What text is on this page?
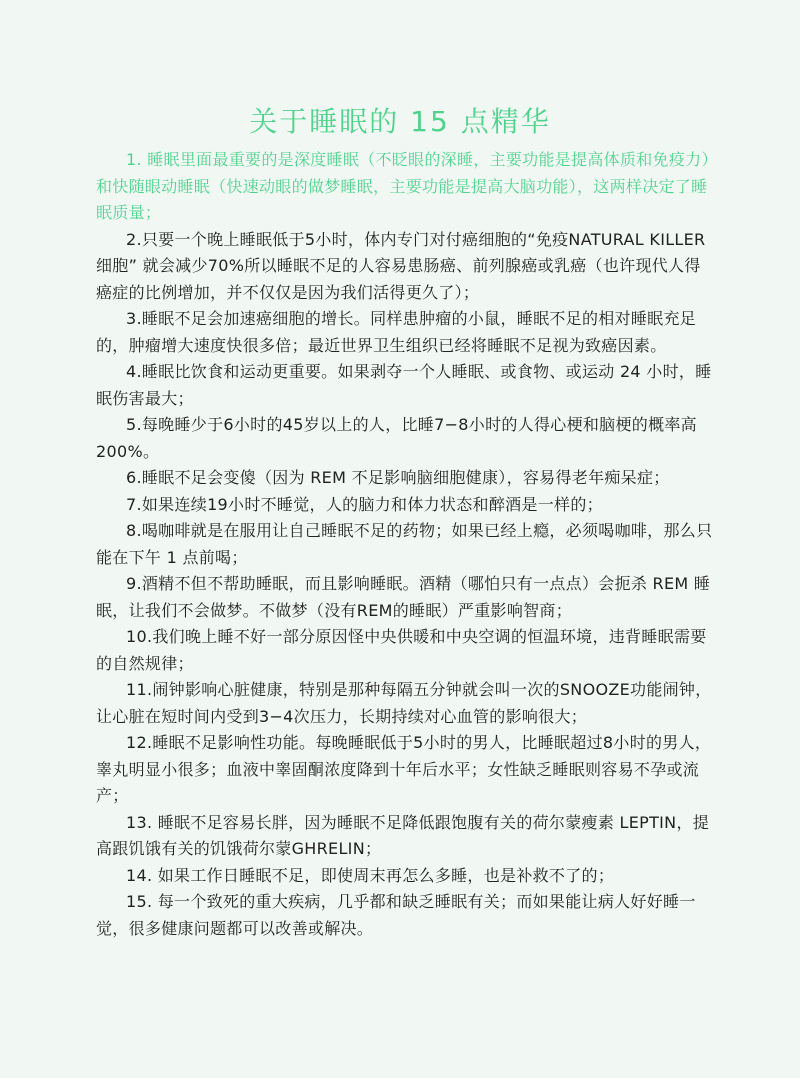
关于睡眠的 15 点精华

1. 睡眠里面最重要的是深度睡眠（不眨眼的深睡，主要功能是提高体质和免疫力）和快随眼动睡眠（快速动眼的做梦睡眠，主要功能是提高大脑功能），这两样决定了睡眠质量；

2.只要一个晚上睡眠低于5小时，体内专门对付癌细胞的“免疫NATURAL KILLER 细胞” 就会减少70%所以睡眠不足的人容易患肠癌、前列腺癌或乳癌（也许现代人得癌症的比例增加，并不仅仅是因为我们活得更久了）；

3.睡眠不足会加速癌细胞的增长。同样患肿瘤的小鼠，睡眠不足的相对睡眠充足的，肿瘤增大速度快很多倍；最近世界卫生组织已经将睡眠不足视为致癌因素。

4.睡眠比饮食和运动更重要。如果剥夺一个人睡眠、或食物、或运动 24 小时，睡眠伤害最大；

5.每晚睡少于6小时的45岁以上的人，比睡7−8小时的人得心梗和脑梗的概率高200%。

6.睡眠不足会变傻（因为 REM 不足影响脑细胞健康），容易得老年痴呆症；

7.如果连续19小时不睡觉，人的脑力和体力状态和醉酒是一样的；

8.喝咖啡就是在服用让自己睡眠不足的药物；如果已经上瘾，必须喝咖啡，那么只能在下午 1 点前喝；

9.酒精不但不帮助睡眠，而且影响睡眠。酒精（哪怕只有一点点）会扼杀 REM 睡眠，让我们不会做梦。不做梦（没有REM的睡眠）严重影响智商；

10.我们晚上睡不好一部分原因怪中央供暖和中央空调的恒温环境，违背睡眠需要的自然规律；

11.闹钟影响心脏健康，特别是那种每隔五分钟就会叫一次的SNOOZE功能闹钟，让心脏在短时间内受到3−4次压力，长期持续对心血管的影响很大；

12.睡眠不足影响性功能。每晚睡眠低于5小时的男人，比睡眠超过8小时的男人，睾丸明显小很多；血液中睾固酮浓度降到十年后水平；女性缺乏睡眠则容易不孕或流产；

13. 睡眠不足容易长胖，因为睡眠不足降低跟饱腹有关的荷尔蒙瘦素 LEPTIN，提高跟饥饿有关的饥饿荷尔蒙GHRELIN；

14. 如果工作日睡眠不足，即使周末再怎么多睡，也是补救不了的；

15. 每一个致死的重大疾病，几乎都和缺乏睡眠有关；而如果能让病人好好睡一觉，很多健康问题都可以改善或解决。
